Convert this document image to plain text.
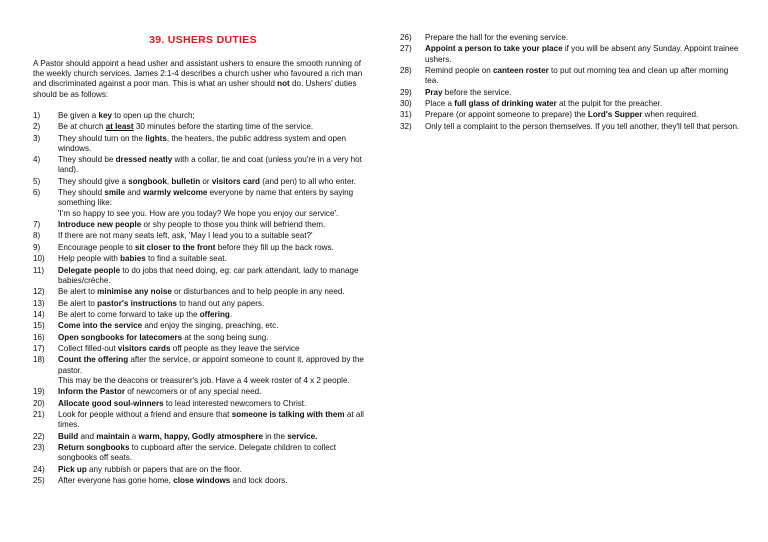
39. USHERS DUTIES

A Pastor should appoint a head usher and assistant ushers to ensure the smooth running of the weekly church services. James 2:1-4 describes a church usher who favoured a rich man and discriminated against a poor man. This is what an usher should not do. Ushers' duties should be as follows:

1)	Be given a key to open up the church;
2)	Be at church at least 30 minutes before the starting time of the service.
3)	They should turn on the lights, the heaters, the public address system and open windows.
4)	They should be dressed neatly with a collar, tie and coat (unless you're in a very hot land).
5)	They should give a songbook, bulletin or visitors card (and pen) to all who enter.
6)	They should smile and warmly welcome everyone by name that enters by saying something like:
'I'm so happy to see you. How are you today? We hope you enjoy our service'.
7)	Introduce new people or shy people to those you think will befriend them.
8)	If there are not many seats left, ask, 'May I lead you to a suitable seat?'
9)	Encourage people to sit closer to the front before they fill up the back rows.
10)	Help people with babies to find a suitable seat.
11)	Delegate people to do jobs that need doing, eg: car park attendant, lady to manage babies/crèche.
12)	Be alert to minimise any noise or disturbances and to help people in any need.
13)	Be alert to pastor's instructions to hand out any papers.
14)	Be alert to come forward to take up the offering.
15)	Come into the service and enjoy the singing, preaching, etc.
16)	Open songbooks for latecomers at the song being sung.
17)	Collect filled-out visitors cards off people as they leave the service
18)	Count the offering after the service, or appoint someone to count it, approved by the pastor.
This may be the deacons or treasurer's job. Have a 4 week roster of 4 x 2 people.
19)	Inform the Pastor of newcomers or of any special need.
20)	Allocate good soul-winners to lead interested newcomers to Christ.
21)	Look for people without a friend and ensure that someone is talking with them at all times.
22)	Build and maintain a warm, happy, Godly atmosphere in the service.
23)	Return songbooks to cupboard after the service. Delegate children to collect songbooks off seats.
24)	Pick up any rubbish or papers that are on the floor.
25)	After everyone has gone home, close windows and lock doors.
26)	Prepare the hall for the evening service.
27)	Appoint a person to take your place if you will be absent any Sunday. Appoint trainee ushers.
28)	Remind people on canteen roster to put out morning tea and clean up after morning tea.
29)	Pray before the service.
30)	Place a full glass of drinking water at the pulpit for the preacher.
31)	Prepare (or appoint someone to prepare) the Lord's Supper when required.
32)	Only tell a complaint to the person themselves. If you tell another, they'll tell that person.
